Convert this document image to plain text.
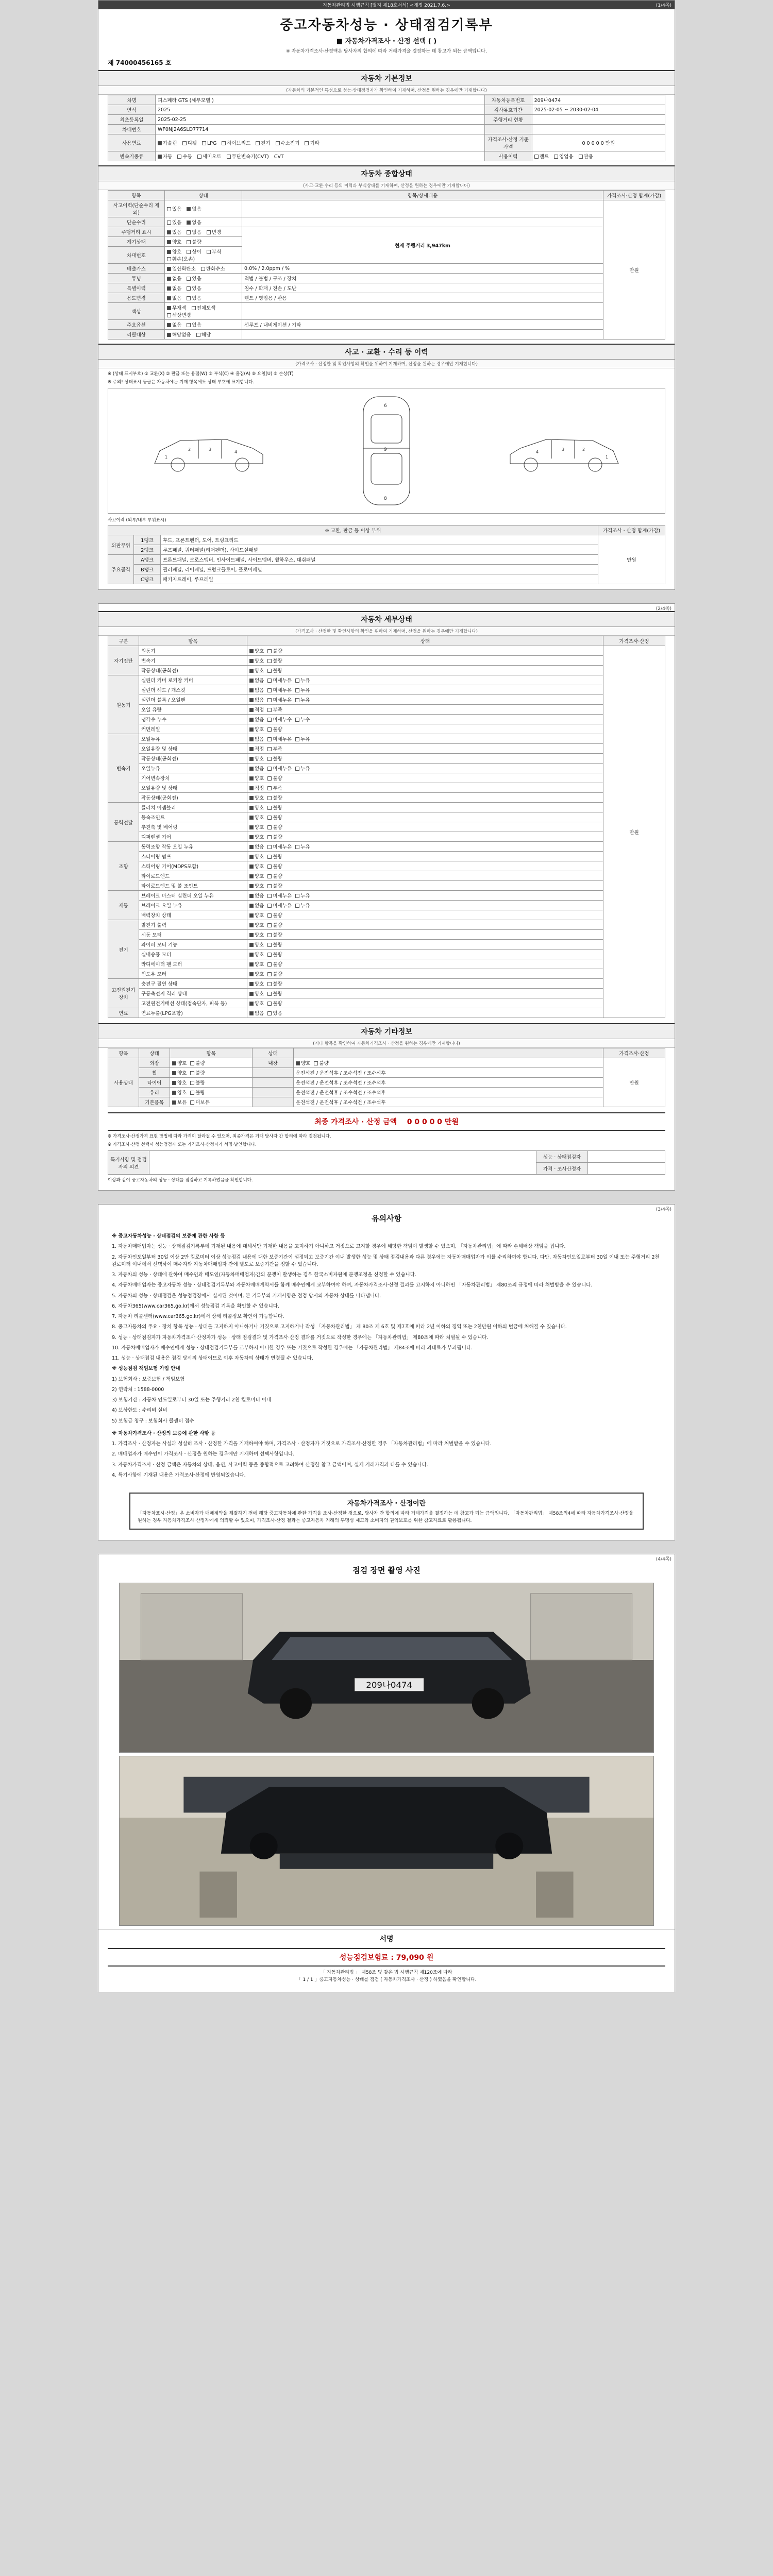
자동차관리법 시행규칙 [별지 제18호서식] <개정 2021.7.6.>	(1/4쪽)
중고자동차성능 · 상태점검기록부
■ 자동차가격조사 · 산정 선택 ( )
※ 자동차가격조사·산정액은 당사자의 합의에 따라 거래가격을 결정하는 데 참고가 되는 금액입니다.
제 74000456165 호
자동차 기본정보
(자동차의 기본적인 특성으로 성능·상태점검자가 확인하여 기재하며, 산정을 원하는 경우에만 기재합니다)
차명	피스페라 GTS (세부모델 )	자동차등록번호	209나0474
연식	2025	검사유효기간	2025-02-05 ~ 2030-02-04
최초등록일	2025-02-25	주행거리 현황	
차대번호	WF0NJ2A6SLD77714		
사용연료	가솔린 디젤 LPG 하이브리드 전기 수소전기 기타	가격조사·산정 기준가액	0 0 0 0 0 만원
변속기종류	자동 수동 세미오토 무단변속기(CVT) CVT	사용이력	렌트 영업용 관용
자동차 종합상태
(사고·교환·수리 등의 이력과 부식상태를 기재하며, 산정을 원하는 경우에만 기재합니다)
항목	상태	항목/상세내용	가격조사·산정 합계(가감)
사고이력(단순수리 제외)	있음 없음		만원
단순수리	있음 없음		
주행거리 표시	있음 없음 변경	현재 주행거리 3,947km	
계기상태	양호 불량		
차대번호	양호 상이 부식 훼손(오손)		
배출가스	일산화탄소 탄화수소	0.0% / 2.0ppm / %	
튜닝	없음 있음	적법 / 불법 / 구조 / 장치	
특별이력	없음 있음	침수 / 화재 / 전손 / 도난	
용도변경	없음 있음	렌트 / 영업용 / 관용	
색상	무채색 전체도색 색상변경		
주요옵션	없음 있음	선루프 / 내비게이션 / 기타	
리콜대상	해당없음 해당		
사고 · 교환 · 수리 등 이력
(가격조사 · 산정한 및 확인사항의 확인을 위하여 기재하며, 산정을 원하는 경우에만 기재합니다)
※ (상태 표시부호) ① 교환(X) ② 판금 또는 용접(W) ③ 부식(C) ④ 흠집(A) ⑤ 요철(U) ⑥ 손상(T)
※ 주의! 상태표시 등급은 자동차에는 기재 항목에도 상태 부호에 표기합니다.
1
2	3
4
6
9
8
1
2
3
4
사고이력 (외부/내부 부위표시)
※ 교환, 판금 등 이상 부위			가격조사 · 산정 합계(가감)
외판부위	1랭크	후드, 프론트펜더, 도어, 트렁크리드	만원
	2랭크	루프패널, 쿼터패널(리어펜더), 사이드실패널	
주요골격	A랭크	프론트패널, 크로스멤버, 인사이드패널, 사이드멤버, 휠하우스, 대쉬패널	
	B랭크	필러패널, 리어패널, 트렁크플로어, 플로어패널	
	C랭크	패키지트레이, 루프레일	
(2/4쪽)
자동차 세부상태
(가격조사 · 산정한 및 확인사항의 확인을 위하여 기재하며, 산정을 원하는 경우에만 기재합니다)
구분	항목	상태	가격조사·산정
자기진단	원동기	양호 불량	만원
	변속기	양호 불량	
	작동상태(공회전)	양호 불량	
원동기	실린더 커버 로커암 커버	없음 미세누유 누유	
	실린더 헤드 / 개스킷	없음 미세누유 누유	
	실린더 블록 / 오일팬	없음 미세누유 누유	
	오일 유량	적정 부족	
	냉각수 누수	없음 미세누수 누수	
	커먼레일	양호 불량	
변속기	오일누유	없음 미세누유 누유	
	오일유량 및 상태	적정 부족	
	작동상태(공회전)	양호 불량	
	오일누유	없음 미세누유 누유	
	기어변속장치	양호 불량	
	오일유량 및 상태	적정 부족	
	작동상태(공회전)	양호 불량	
동력전달	클러치 어셈블리	양호 불량	
	등속조인트	양호 불량	
	추진축 및 베어링	양호 불량	
	디퍼렌셜 기어	양호 불량	
조향	동력조향 작동 오일 누유	없음 미세누유 누유	
	스티어링 펌프	양호 불량	
	스티어링 기어(MDPS포함)	양호 불량	
	타이로드엔드	양호 불량	
	타이로드엔드 및 볼 조인트	양호 불량	
제동	브레이크 마스터 실린더 오일 누유	없음 미세누유 누유	
	브레이크 오일 누유	없음 미세누유 누유	
	배력장치 상태	양호 불량	
전기	발전기 출력	양호 불량	
	시동 모터	양호 불량	
	와이퍼 모터 기능	양호 불량	
	실내송풍 모터	양호 불량	
	라디에이터 팬 모터	양호 불량	
	윈도우 모터	양호 불량	
고전원전기장치	충전구 절연 상태	양호 불량	
	구동축전지 격리 상태	양호 불량	
	고전원전기배선 상태(접속단자, 피복 등)	양호 불량	
연료	연료누출(LPG포함)	없음 있음	
자동차 기타정보
(기타 항목을 확인하여 자동차가격조사 · 산정을 원하는 경우에만 기재합니다)
항목	상태	항목	상태		가격조사·산정
사용상태	외장	양호 불량	내장	양호 불량	만원
	휠	양호 불량		운전석전 / 운전석후 / 조수석전 / 조수석후	
	타이어	양호 불량		운전석전 / 운전석후 / 조수석전 / 조수석후	
	유리	양호 불량		운전석전 / 운전석후 / 조수석전 / 조수석후	
	기본품목	보유 미보유		운전석전 / 운전석후 / 조수석전 / 조수석후	
최종 가격조사 · 산정 금액 0 0 0 0 0 만원
※ 가격조사·산정가격 표현 방법에 따라 가격이 달라질 수 있으며, 최종가격은 거래 당사자 간 합의에 따라 결정됩니다.
※ 가격조사·산정 선택시 성능점검자 또는 가격조사·산정자가 서명·날인합니다.
특기사항 및 점검자의 의견		성능 · 상태점검자	
		가격 · 조사산정자	
이상과 같이 중고자동차의 성능 · 상태를 점검하고 기록하였음을 확인합니다.
(3/4쪽)
유의사항

※ 중고자동차성능 · 상태점검의 보증에 관한 사항 등

1. 자동차매매업자는 성능 · 상태점검기록부에 기재된 내용에 대해서만 기재한 내용을 고지하기 아니하고 거짓으로 고지할 경우에 해당한 책임이 발생할 수 있으며, 「자동차관리법」에 따라 손해배상 책임을 집니다.

2. 자동차인도일부터 30일 이상 2만 킬로미터 이상 성능점검 내용에 대한 보증기간이 설정되고 보증기간 이내 발생한 성능 및 상태 점검내용과 다른 경우에는 자동차매매업자가 이를 수리하여야 합니다. 다만, 자동차인도일로부터 30일 이내 또는 주행거리 2천 킬로미터 이내에서 선택하여 매수자와 자동차매매업자 간에 별도로 보증기간을 정할 수 있습니다.

3. 자동차의 성능 · 상태에 관하여 매수인과 매도인(자동차매매업자)간의 분쟁이 발생하는 경우 한국소비자원에 분쟁조정을 신청할 수 있습니다.

4. 자동차매매업자는 중고자동차 성능 · 상태점검기록부와 자동차매매계약서를 함께 매수인에게 교부하여야 하며, 자동차가격조사·산정 결과를 고지하지 아니하면 「자동차관리법」 제80조의 규정에 따라 처벌받을 수 있습니다.

5. 자동차의 성능 · 상태점검은 성능점검장에서 실시된 것이며, 본 기록부의 기재사항은 점검 당시의 자동차 상태를 나타냅니다.

6. 자동차365(www.car365.go.kr)에서 성능점검 기록을 확인할 수 있습니다.

7. 자동차 리콜센터(www.car365.go.kr)에서 상세 리콜정보 확인이 가능합니다.

8. 중고자동차의 주요 · 장치 항목 성능 · 상태를 고지하지 아니하거나 거짓으로 고지하거나 작성 「자동차관리법」 제 80조 제 6호 및 제7호에 따라 2년 이하의 징역 또는 2천만원 이하의 벌금에 처해질 수 있습니다.

9. 성능 · 상태점검자가 자동차가격조사·산정자가 성능 · 상태 점검결과 및 가격조사·산정 결과를 거짓으로 작성한 경우에는 「자동차관리법」 제80조에 따라 처벌될 수 있습니다.

10. 자동차매매업자가 매수인에게 성능 · 상태점검기록부를 교부하지 아니한 경우 또는 거짓으로 작성한 경우에는 「자동차관리법」 제84조에 따라 과태료가 부과됩니다.

11. 성능 · 상태점검 내용은 점검 당시의 상태이므로 이후 자동차의 상태가 변경될 수 있습니다.

※ 성능점검 책임보험 가입 안내

1) 보험회사 : 보증보험 / 책임보험

2) 연락처 : 1588-0000

3) 보험기간 : 자동차 인도일로부터 30일 또는 주행거리 2천 킬로미터 이내

4) 보상한도 : 수리비 실비

5) 보험금 청구 : 보험회사 콜센터 접수

※ 자동차가격조사 · 산정의 보증에 관한 사항 등

1. 가격조사 · 산정자는 사실과 성실히 조사 · 산정한 가격을 기재하여야 하며, 가격조사 · 산정자가 거짓으로 가격조사·산정한 경우 「자동차관리법」에 따라 처벌받을 수 있습니다.

2. 매매업자가 매수인이 가격조사 · 산정을 원하는 경우에만 기재하며 선택사항입니다.

3. 자동차가격조사 · 산정 금액은 자동차의 상태, 옵션, 사고이력 등을 종합적으로 고려하여 산정한 참고 금액이며, 실제 거래가격과 다를 수 있습니다.

4. 특기사항에 기재된 내용은 가격조사·산정에 반영되었습니다.

자동차가격조사 · 산정이란
「자동차표시·산정」은 소비자가 매매계약을 체결하기 전에 해당 중고자동차에 관한 가격을 조사·산정한 것으로, 당사자 간 합의에 따라 거래가격을 결정하는 데 참고가 되는 금액입니다. 「자동차관리법」 제58조의4에 따라 자동차가격조사·산정을 원하는 경우 자동차가격조사·산정자에게 의뢰할 수 있으며, 가격조사·산정 결과는 중고자동차 거래의 투명성 제고와 소비자의 권익보호를 위한 참고자료로 활용됩니다.
(4/4쪽)
점검 장면 촬영 사진
209나0474
서명
성능점검보험료 : 79,090 원
「 자동차관리법 」 제58조 및 같은 법 시행규칙 제120조에 따라
「 1 / 1 」중고자동차성능 · 상태를 점검 ( 자동차가격조사 · 산정 ) 하였음을 확인합니다.
